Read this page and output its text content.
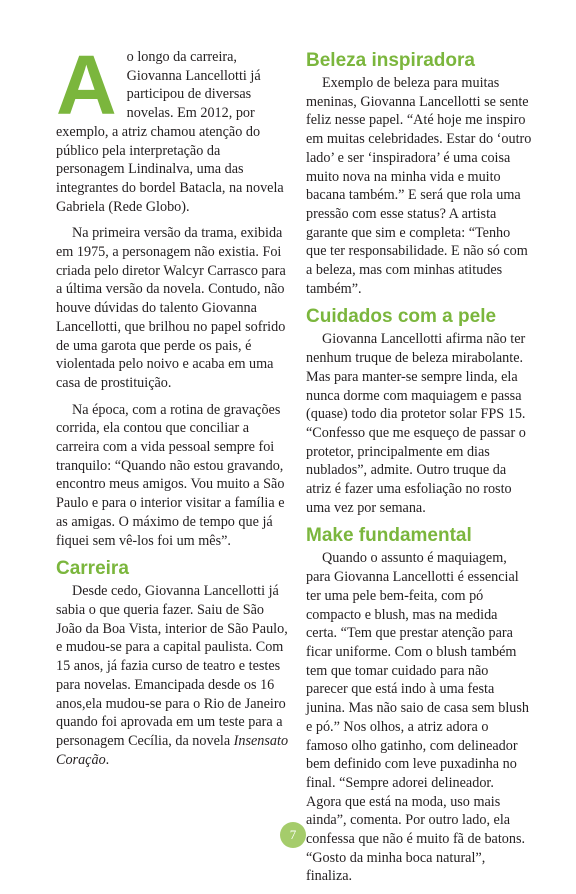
A o longo da carreira, Giovanna Lancellotti já participou de diversas novelas. Em 2012, por exemplo, a atriz chamou atenção do público pela interpretação da personagem Lindinalva, uma das integrantes do bordel Batacla, na novela Gabriela (Rede Globo).

Na primeira versão da trama, exibida em 1975, a personagem não existia. Foi criada pelo diretor Walcyr Carrasco para a última versão da novela. Contudo, não houve dúvidas do talento Giovanna Lancellotti, que brilhou no papel sofrido de uma garota que perde os pais, é violentada pelo noivo e acaba em uma casa de prostituição.

Na época, com a rotina de gravações corrida, ela contou que conciliar a carreira com a vida pessoal sempre foi tranquilo: “Quando não estou gravando, encontro meus amigos. Vou muito a São Paulo e para o interior visitar a família e as amigas. O máximo de tempo que já fiquei sem vê-los foi um mês”.

Carreira

Desde cedo, Giovanna Lancellotti já sabia o que queria fazer. Saiu de São João da Boa Vista, interior de São Paulo, e mudou-se para a capital paulista. Com 15 anos, já fazia curso de teatro e testes para novelas. Emancipada desde os 16 anos,ela mudou-se para o Rio de Janeiro quando foi aprovada em um teste para a personagem Cecília, da novela Insensato Coração.

Beleza inspiradora

Exemplo de beleza para muitas meninas, Giovanna Lancellotti se sente feliz nesse papel. “Até hoje me inspiro em muitas celebridades. Estar do ‘outro lado’ e ser ‘inspiradora’ é uma coisa muito nova na minha vida e muito bacana também.” E será que rola uma pressão com esse status? A artista garante que sim e completa: “Tenho que ter responsabilidade. E não só com a beleza, mas com minhas atitudes também”.

Cuidados com a pele

Giovanna Lancellotti afirma não ter nenhum truque de beleza mirabolante. Mas para manter-se sempre linda, ela nunca dorme com maquiagem e passa (quase) todo dia protetor solar FPS 15. “Confesso que me esqueço de passar o protetor, principalmente em dias nublados”, admite. Outro truque da atriz é fazer uma esfoliação no rosto uma vez por semana.

Make fundamental

Quando o assunto é maquiagem, para Giovanna Lancellotti é essencial ter uma pele bem-feita, com pó compacto e blush, mas na medida certa. “Tem que prestar atenção para ficar uniforme. Com o blush também tem que tomar cuidado para não parecer que está indo à uma festa junina. Mas não saio de casa sem blush e pó.” Nos olhos, a atriz adora o famoso olho gatinho, com delineador bem definido com leve puxadinha no final. “Sempre adorei delineador. Agora que está na moda, uso mais ainda”, comenta. Por outro lado, ela confessa que não é muito fã de batons. “Gosto da minha boca natural”, finaliza.

7
